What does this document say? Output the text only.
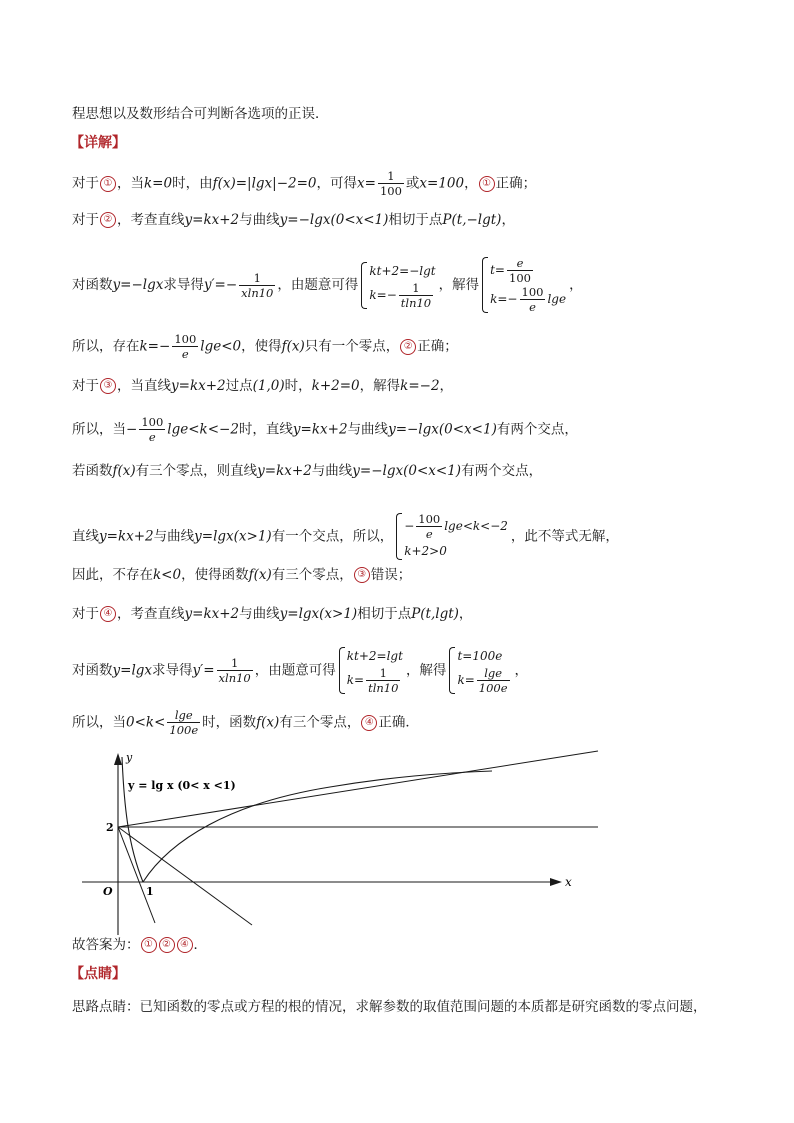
程思想以及数形结合可判断各选项的正误．
【详解】
对于 ① ，当k=0时，由f(x)=|lgx|−2=0，可得$x= \frac{1}{100}$ 或x=100， ① 正确；
对于 ② ，考查直线y=kx+2与曲线y=−lgx(0<x<1)相切于点P(t,−lgt)，
对函数y=−lgx求导得$y'=- \frac{1}{xln10}$ ，由题意可得
kt+2=−lgt
$k=- \frac{1}{tln10}$ ，解得
$t= \frac{e}{100}$
$k=- \frac{100}{e}$ lge
，
所以，存在$k=- \frac{100}{e} \lg e<0$，使得f(x)只有一个零点， ② 正确；
对于 ③ ，当直线y=kx+2过点(1,0)时，k+2=0，解得k=−2，
所以，当− $\frac{100}{e} \lg e<k<-2$时，直线y=kx+2与曲线y=−lgx(0<x<1)有两个交点，
若函数f(x)有三个零点，则直线y=kx+2与曲线y=−lgx(0<x<1)有两个交点，
直线y=kx+2与曲线y=lgx(x>1)有一个交点，所以，
− $\frac{100}{e} \lg e<k<-2$
k+2>0
，此不等式无解，
因此，不存在k<0，使得函数f(x)有三个零点， ③ 错误；
对于 ④ ，考查直线y=kx+2与曲线y=lgx(x>1)相切于点P(t,lgt)，
对函数y=lgx求导得$y'= \frac{1}{xln10}$ ，由题意可得
kt+2=lgt
$k= \frac{1}{tln10}$ ，解得
t=100e
$k= \frac{\lg e}{100e}$ ，
所以，当$0<k< \frac{\lg e}{100e}$ 时，函数f(x)有三个零点， ④ 正确．
y
x
O
2
1
y = lg x (0< x <1)
故答案为： ① ② ④ ．
【点睛】
思路点睛：已知函数的零点或方程的根的情况，求解参数的取值范围问题的本质都是研究函数的零点问题，
